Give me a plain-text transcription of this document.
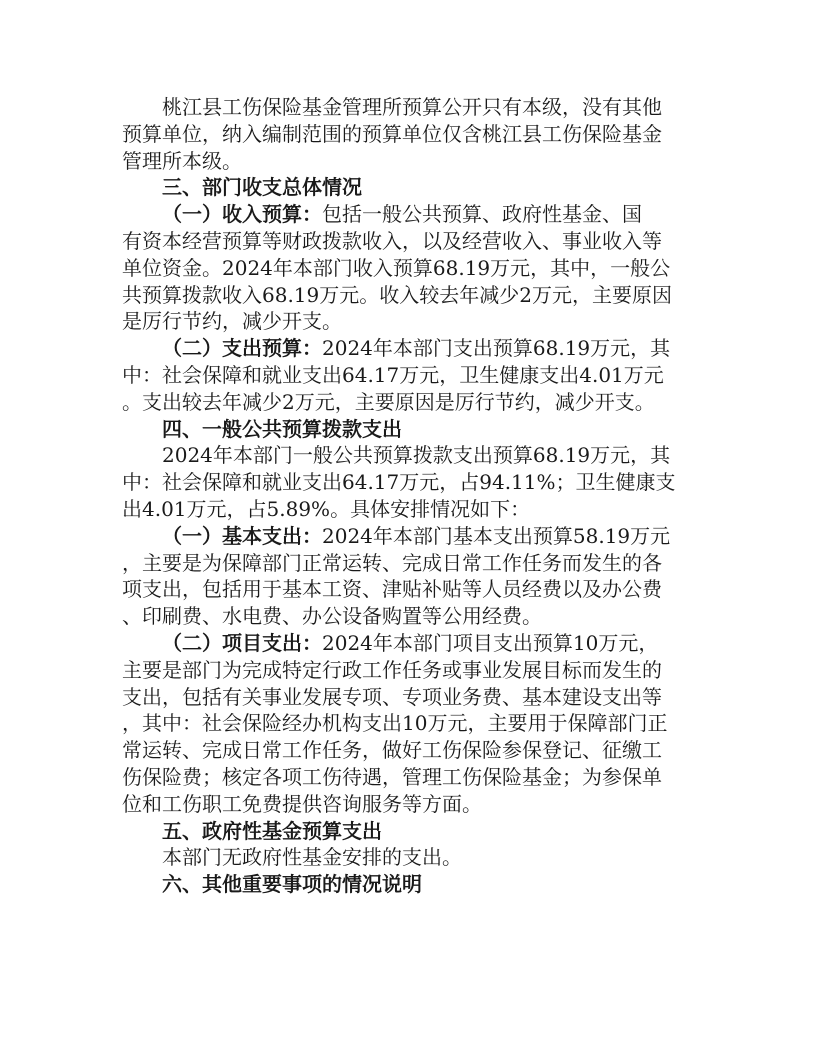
桃江县工伤保险基金管理所预算公开只有本级，没有其他
预算单位，纳入编制范围的预算单位仅含桃江县工伤保险基金
管理所本级。
三、部门收支总体情况
（一）收入预算：包括一般公共预算、政府性基金、国
有资本经营预算等财政拨款收入，以及经营收入、事业收入等
单位资金。2024年本部门收入预算68.19万元，其中，一般公
共预算拨款收入68.19万元。收入较去年减少2万元，主要原因
是厉行节约，减少开支。
（二）支出预算：2024年本部门支出预算68.19万元，其
中：社会保障和就业支出64.17万元，卫生健康支出4.01万元
。支出较去年减少2万元，主要原因是厉行节约，减少开支。
四、一般公共预算拨款支出
2024年本部门一般公共预算拨款支出预算68.19万元，其
中：社会保障和就业支出64.17万元，占94.11%；卫生健康支
出4.01万元，占5.89%。具体安排情况如下：
（一）基本支出：2024年本部门基本支出预算58.19万元
，主要是为保障部门正常运转、完成日常工作任务而发生的各
项支出，包括用于基本工资、津贴补贴等人员经费以及办公费
、印刷费、水电费、办公设备购置等公用经费。
（二）项目支出：2024年本部门项目支出预算10万元，
主要是部门为完成特定行政工作任务或事业发展目标而发生的
支出，包括有关事业发展专项、专项业务费、基本建设支出等
，其中：社会保险经办机构支出10万元，主要用于保障部门正
常运转、完成日常工作任务，做好工伤保险参保登记、征缴工
伤保险费；核定各项工伤待遇，管理工伤保险基金；为参保单
位和工伤职工免费提供咨询服务等方面。
五、政府性基金预算支出
本部门无政府性基金安排的支出。
六、其他重要事项的情况说明
